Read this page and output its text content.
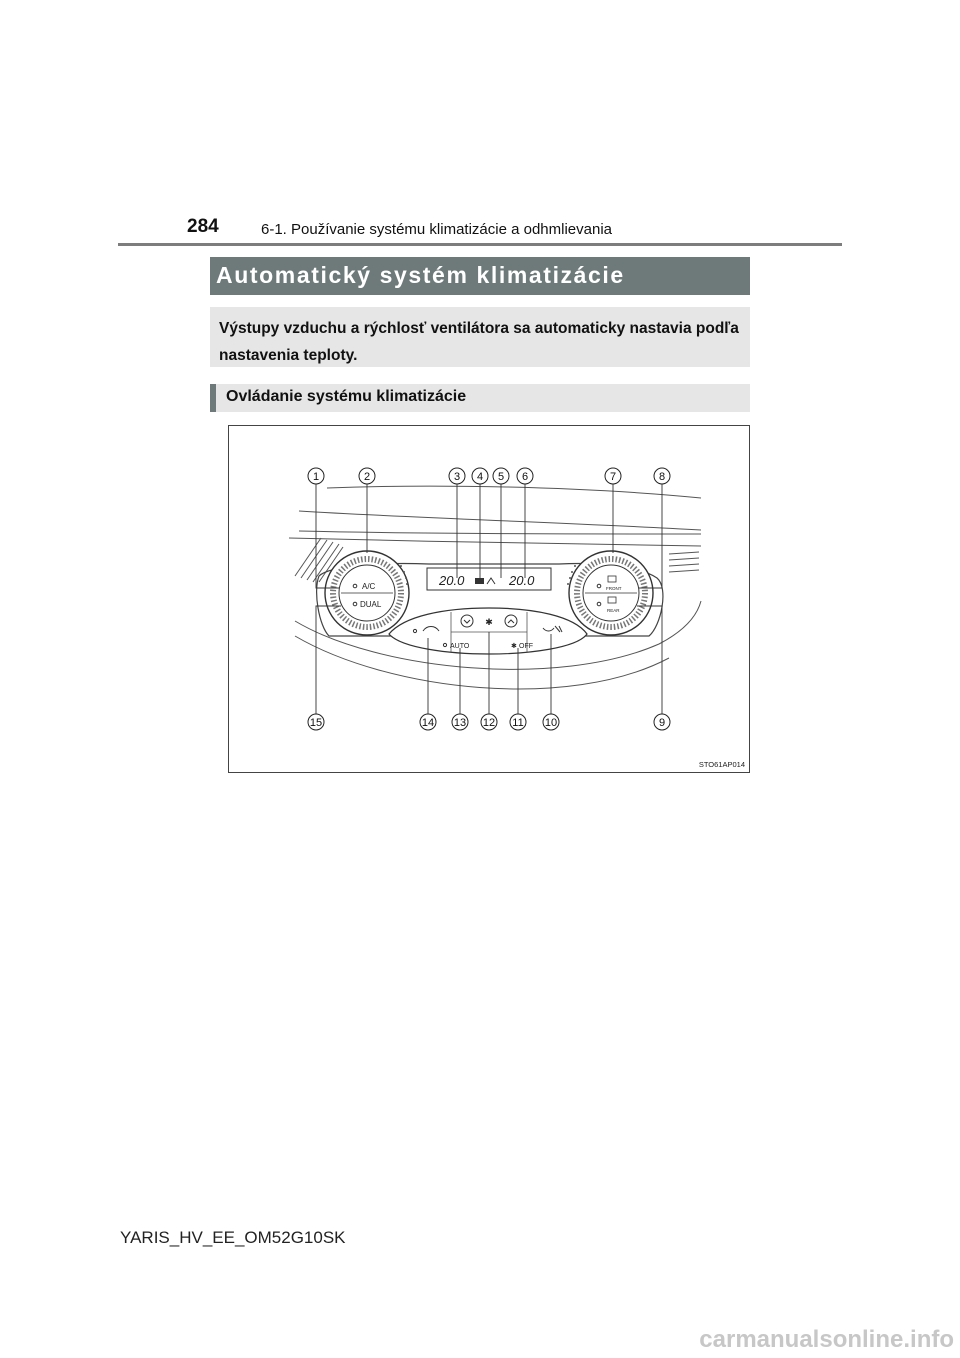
284	6-1. Používanie systému klimatizácie a odhmlievania
Automatický systém klimatizácie
Výstupy vzduchu a rýchlosť ventilátora sa automaticky nastavia podľa nastavenia teploty.
Ovládanie systému klimatizácie
A/C
DUAL
FRONT
REAR
20.0	20.0
✱
AUTO	✱ OFF
1	2	3 4 5 6	7	8
15	14 13 12 11 10	9
STO61AP014
YARIS_HV_EE_OM52G10SK
carmanualsonline.info
